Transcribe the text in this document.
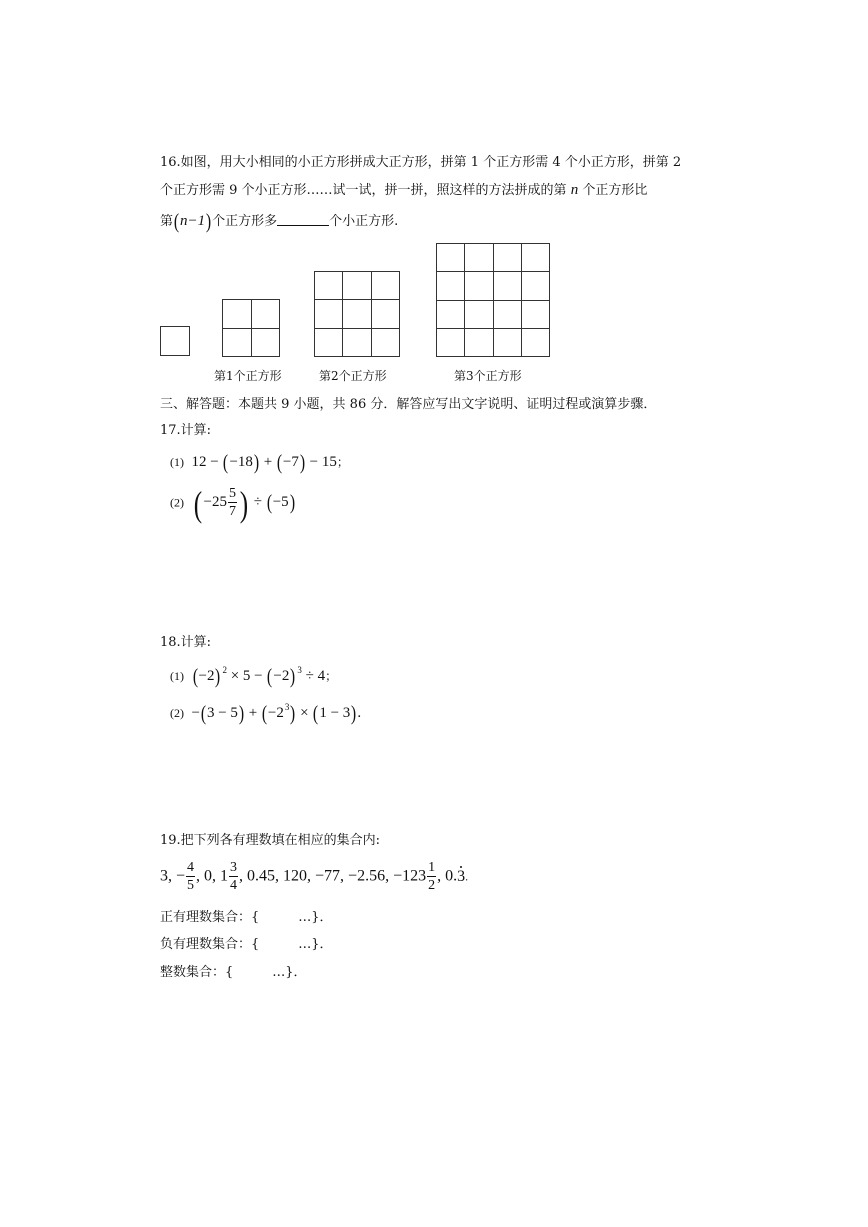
16.如图，用大小相同的小正方形拼成大正方形，拼第 1 个正方形需 4 个小正方形，拼第 2
个正方形需 9 个小正方形……试一试，拼一拼，照这样的方法拼成的第 n 个正方形比
第(n−1)个正方形多	个小正方形.
第1个正方形	第2个正方形	第3个正方形
三、解答题：本题共 9 小题，共 86 分．解答应写出文字说明、证明过程或演算步骤．
17.计算:
(1) 12 − (−18) + (−7) − 15；
(2) ( $-25 \frac{5}{7}$ ) ÷ (−5)
18.计算:
(1) (−2) $^2$ × 5 − (−2) $^3$ ÷ 4；
$(2) -(3 - 5) + (-2^3) \times (1 - 3)$.
19.把下列各有理数填在相应的集合内:
3, − $\frac{4}{5}$ , 0, $1 \frac{3}{4}$ , 0.45, 120, −77, −2.56, $-123 \frac{1}{2}$ , 0.3.
正有理数集合：{　　　…}．
负有理数集合：{　　　…}．
整数集合：{　　　…}．
